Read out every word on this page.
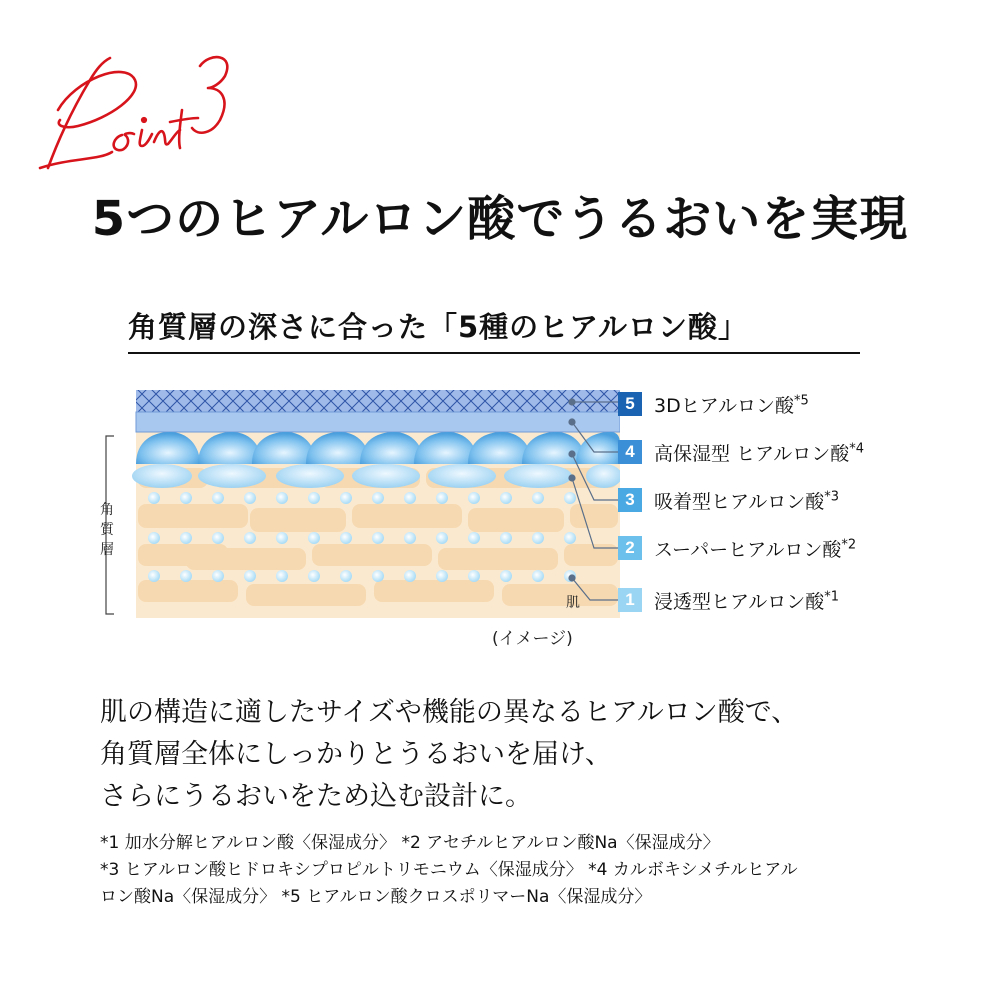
5つのヒアルロン酸でうるおいを実現
角質層の深さに合った「5種のヒアルロン酸」
角
質
層
肌
(イメージ)
5	3Dヒアルロン酸$^{*5}$
4	高保湿型 ヒアルロン酸$^{*4}$
3	吸着型ヒアルロン酸$^{*3}$
2	スーパーヒアルロン酸$^{*2}$
1	浸透型ヒアルロン酸$^{*1}$
肌の構造に適したサイズや機能の異なるヒアルロン酸で、
角質層全体にしっかりとうるおいを届け、
さらにうるおいをため込む設計に。
*1 加水分解ヒアルロン酸〈保湿成分〉 *2 アセチルヒアルロン酸Na〈保湿成分〉
*3 ヒアルロン酸ヒドロキシプロピルトリモニウム〈保湿成分〉 *4 カルボキシメチルヒアル
ロン酸Na〈保湿成分〉 *5 ヒアルロン酸クロスポリマーNa〈保湿成分〉
